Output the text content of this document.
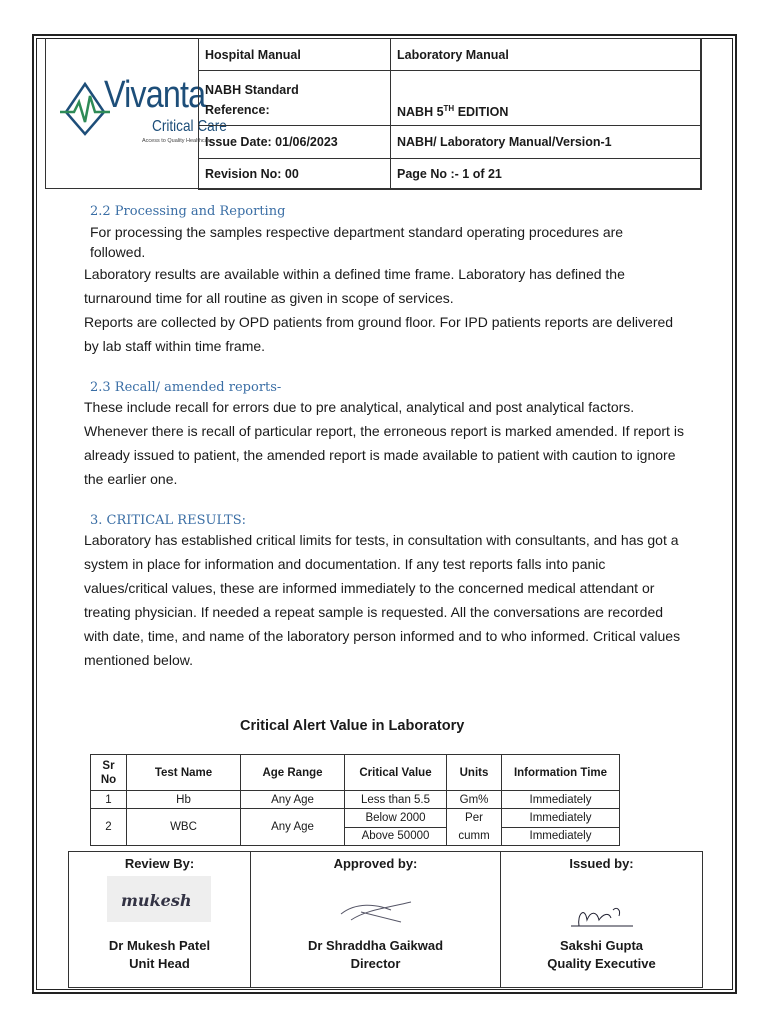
Vivanta
Critical Care
Access to Quality Healthcare
Hospital Manual	Laboratory Manual

NABH Standard Reference:	NABH 5TH EDITION
Issue Date: 01/06/2023	NABH/ Laboratory Manual/Version-1
Revision No: 00	Page No :- 1 of 21
2.2 Processing and Reporting
For processing the samples respective department standard operating procedures are followed.
Laboratory results are available within a defined time frame. Laboratory has defined the turnaround time for all routine as given in scope of services.
Reports are collected by OPD patients from ground floor. For IPD patients reports are delivered by lab staff within time frame.
2.3 Recall/ amended reports-
These include recall for errors due to pre analytical, analytical and post analytical factors. Whenever there is recall of particular report, the erroneous report is marked amended. If report is already issued to patient, the amended report is made available to patient with caution to ignore the earlier one.
3. CRITICAL RESULTS:
Laboratory has established critical limits for tests, in consultation with consultants, and has got a system in place for information and documentation. If any test reports falls into panic values/critical values, these are informed immediately to the concerned medical attendant or treating physician. If needed a repeat sample is requested. All the conversations are recorded with date, time, and name of the laboratory person informed and to who informed. Critical values mentioned below.
Critical Alert Value in Laboratory
Sr No	Test Name	Age Range	Critical Value	Units	Information Time
1	Hb	Any Age	Less than 5.5	Gm%	Immediately
2	WBC	Any Age	Below 2000	Per cumm	Immediately
			Above 50000		Immediately
Review By:
mukesh
Dr Mukesh Patel
Unit Head

Approved by:
Dr Shraddha Gaikwad
Director

Issued by:
Sakshi Gupta
Quality Executive
